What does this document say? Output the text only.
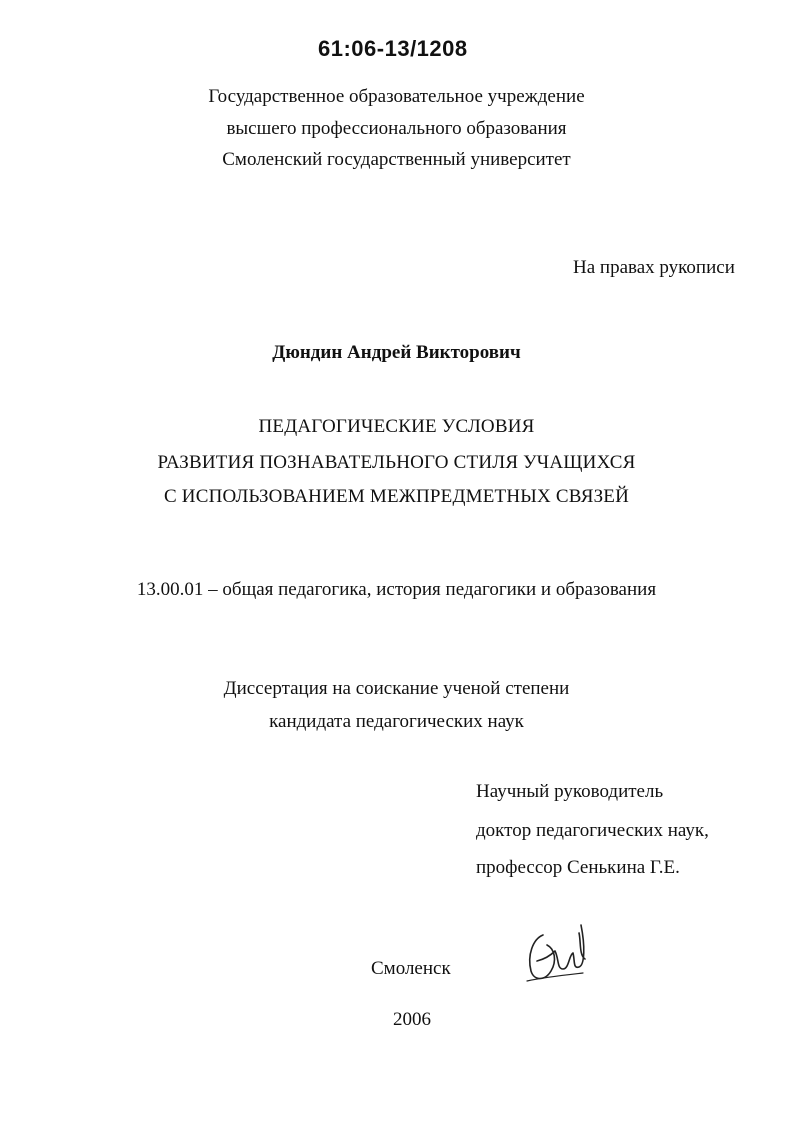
61:06-13/1208
Государственное образовательное учреждение
высшего профессионального образования
Смоленский государственный университет
На правах рукописи
Дюндин Андрей Викторович
ПЕДАГОГИЧЕСКИЕ УСЛОВИЯ
РАЗВИТИЯ ПОЗНАВАТЕЛЬНОГО СТИЛЯ УЧАЩИХСЯ
С ИСПОЛЬЗОВАНИЕМ МЕЖПРЕДМЕТНЫХ СВЯЗЕЙ
13.00.01 – общая педагогика, история педагогики и образования
Диссертация на соискание ученой степени
кандидата педагогических наук
Научный руководитель
доктор педагогических наук,
профессор Сенькина Г.Е.
Смоленск
2006
